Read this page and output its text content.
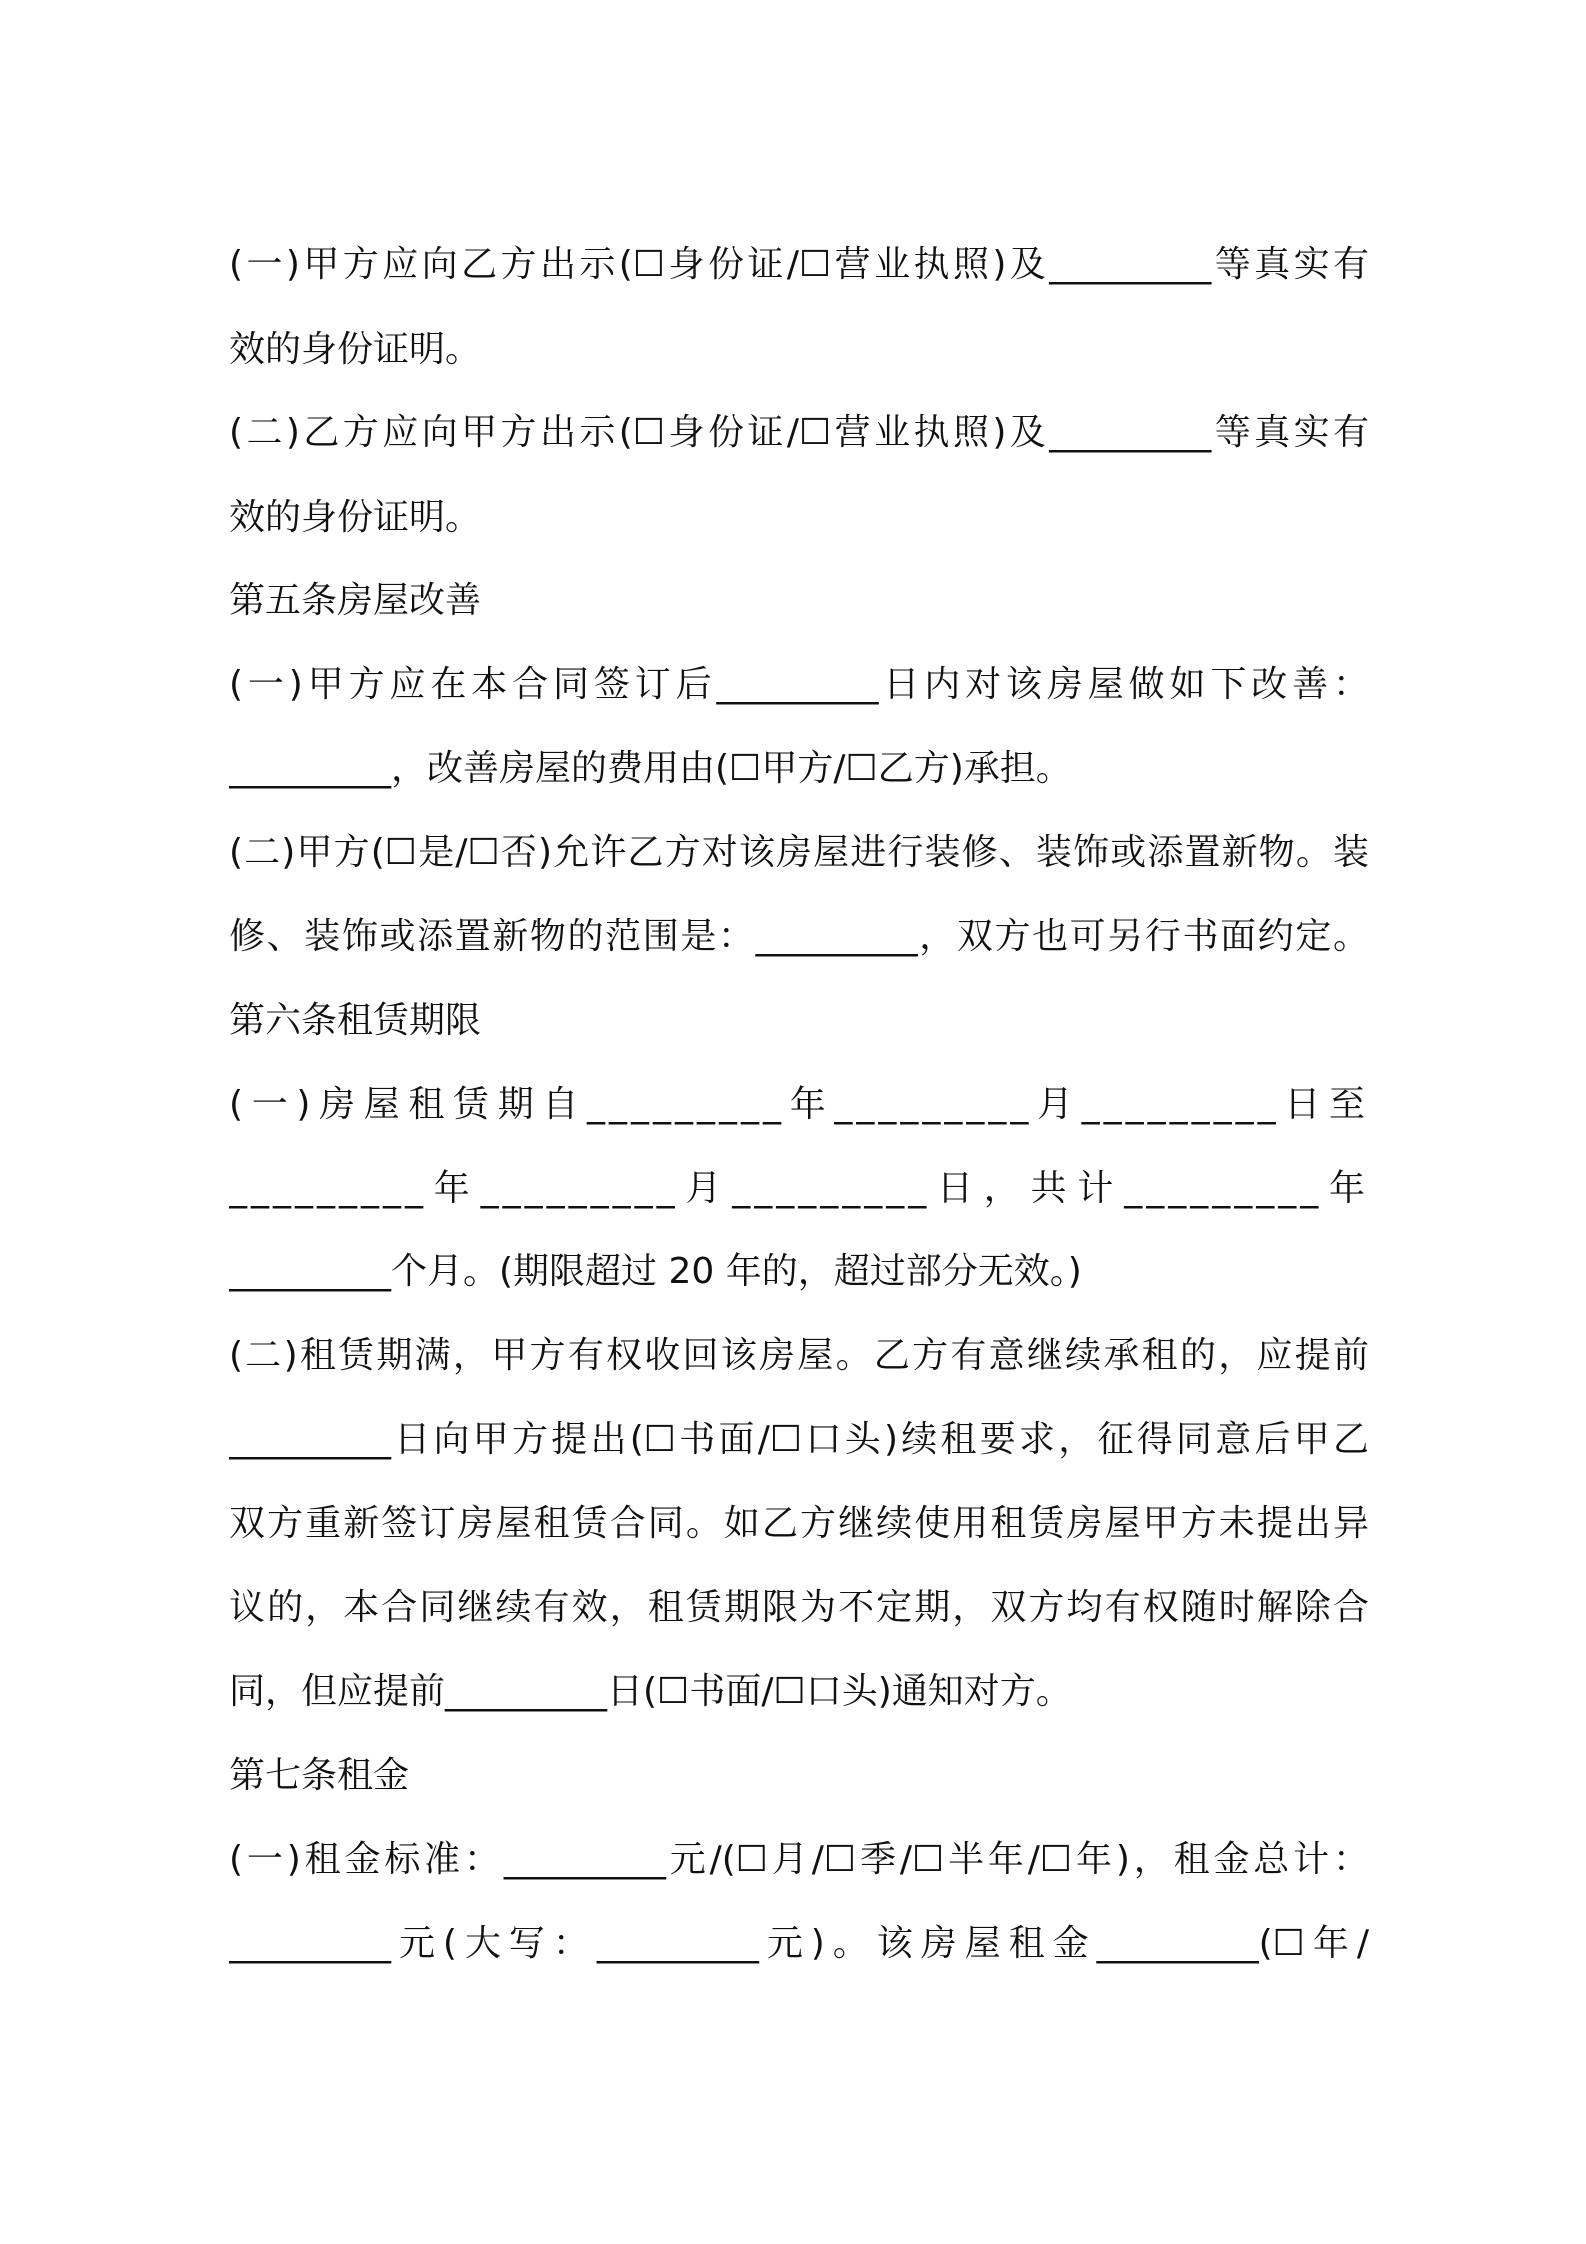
(一)甲方应向乙方出示(☐身份证/☐营业执照)及_________等真实有
效的身份证明。
(二)乙方应向甲方出示(☐身份证/☐营业执照)及_________等真实有
效的身份证明。
第五条房屋改善
(一)甲方应在本合同签订后_________日内对该房屋做如下改善：
_________，改善房屋的费用由(☐甲方/☐乙方)承担。
(二)甲方(☐是/☐否)允许乙方对该房屋进行装修、装饰或添置新物。装
修、装饰或添置新物的范围是：_________，双方也可另行书面约定。
第六条租赁期限
(一)房屋租赁期自_________年_________月_________日至
_________年_________月_________日，共计_________年
_________个月。(期限超过 20 年的，超过部分无效。)
(二)租赁期满，甲方有权收回该房屋。乙方有意继续承租的，应提前
_________日向甲方提出(☐书面/☐口头)续租要求，征得同意后甲乙
双方重新签订房屋租赁合同。如乙方继续使用租赁房屋甲方未提出异
议的，本合同继续有效，租赁期限为不定期，双方均有权随时解除合
同，但应提前_________日(☐书面/☐口头)通知对方。
第七条租金
(一)租金标准：_________元/(☐月/☐季/☐半年/☐年)，租金总计：
_________元(大写：_________元)。该房屋租金_________(☐年/
